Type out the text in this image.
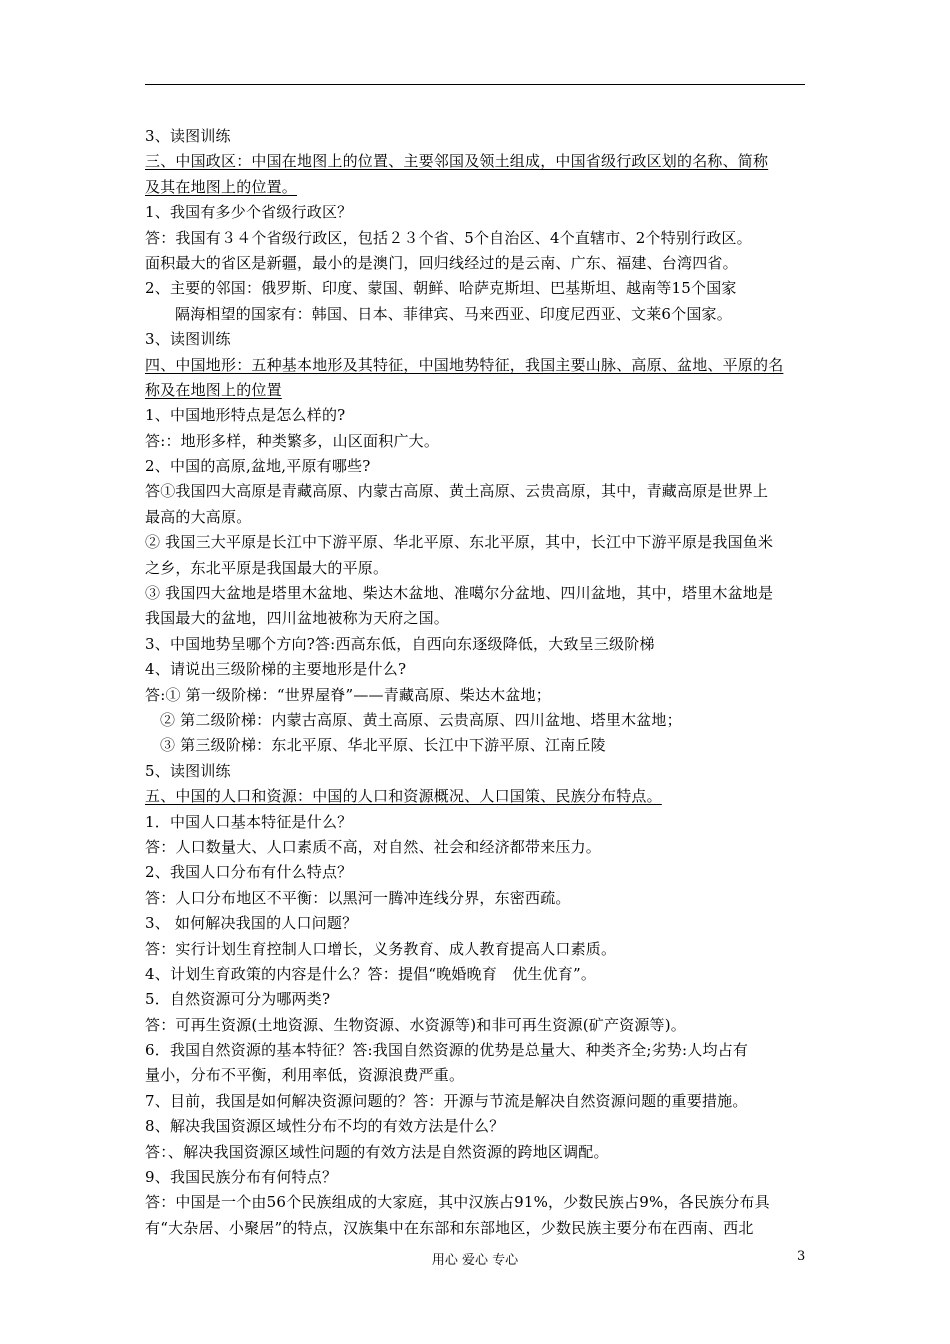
3、读图训练
三、中国政区：中国在地图上的位置、主要邻国及领土组成，中国省级行政区划的名称、简称
及其在地图上的位置。
1、我国有多少个省级行政区？
答：我国有３４个省级行政区，包括２３个省、5个自治区、4个直辖市、2个特别行政区。
面积最大的省区是新疆，最小的是澳门，回归线经过的是云南、广东、福建、台湾四省。
2、主要的邻国：俄罗斯、印度、蒙国、朝鲜、哈萨克斯坦、巴基斯坦、越南等15个国家
隔海相望的国家有：韩国、日本、菲律宾、马来西亚、印度尼西亚、文莱6个国家。
3、读图训练
四、中国地形：五种基本地形及其特征，中国地势特征，我国主要山脉、高原、盆地、平原的名
称及在地图上的位置
1、中国地形特点是怎么样的?
答:：地形多样，种类繁多，山区面积广大。
2、中国的高原,盆地,平原有哪些?
答①我国四大高原是青藏高原、内蒙古高原、黄土高原、云贵高原，其中，青藏高原是世界上
最高的大高原。
② 我国三大平原是长江中下游平原、华北平原、东北平原，其中，长江中下游平原是我国鱼米
之乡，东北平原是我国最大的平原。
③ 我国四大盆地是塔里木盆地、柴达木盆地、准噶尔分盆地、四川盆地，其中，塔里木盆地是
我国最大的盆地，四川盆地被称为天府之国。
3、中国地势呈哪个方向?答:西高东低，自西向东逐级降低，大致呈三级阶梯
4、请说出三级阶梯的主要地形是什么?
答:① 第一级阶梯：“世界屋脊”——青藏高原、柴达木盆地；
② 第二级阶梯：内蒙古高原、黄土高原、云贵高原、四川盆地、塔里木盆地；
③ 第三级阶梯：东北平原、华北平原、长江中下游平原、江南丘陵
5、读图训练
五、中国的人口和资源：中国的人口和资源概况、人口国策、民族分布特点。
1．中国人口基本特征是什么？
答：人口数量大、人口素质不高，对自然、社会和经济都带来压力。
2、我国人口分布有什么特点？
答：人口分布地区不平衡：以黑河一腾冲连线分界，东密西疏。
3、 如何解决我国的人口问题？
答：实行计划生育控制人口增长，义务教育、成人教育提高人口素质。
4、计划生育政策的内容是什么？答：提倡“晚婚晚育　优生优育”。
5．自然资源可分为哪两类?
答：可再生资源(土地资源、生物资源、水资源等)和非可再生资源(矿产资源等)。
6．我国自然资源的基本特征？答:我国自然资源的优势是总量大、种类齐全;劣势:人均占有
量小，分布不平衡，利用率低，资源浪费严重。
7、目前，我国是如何解决资源问题的？答：开源与节流是解决自然资源问题的重要措施。
8、解决我国资源区域性分布不均的有效方法是什么？
答：、解决我国资源区域性问题的有效方法是自然资源的跨地区调配。
9、我国民族分布有何特点？
答：中国是一个由56个民族组成的大家庭，其中汉族占91%，少数民族占9%，各民族分布具
有“大杂居、小聚居”的特点，汉族集中在东部和东部地区，少数民族主要分布在西南、西北
用心 爱心 专心	3
